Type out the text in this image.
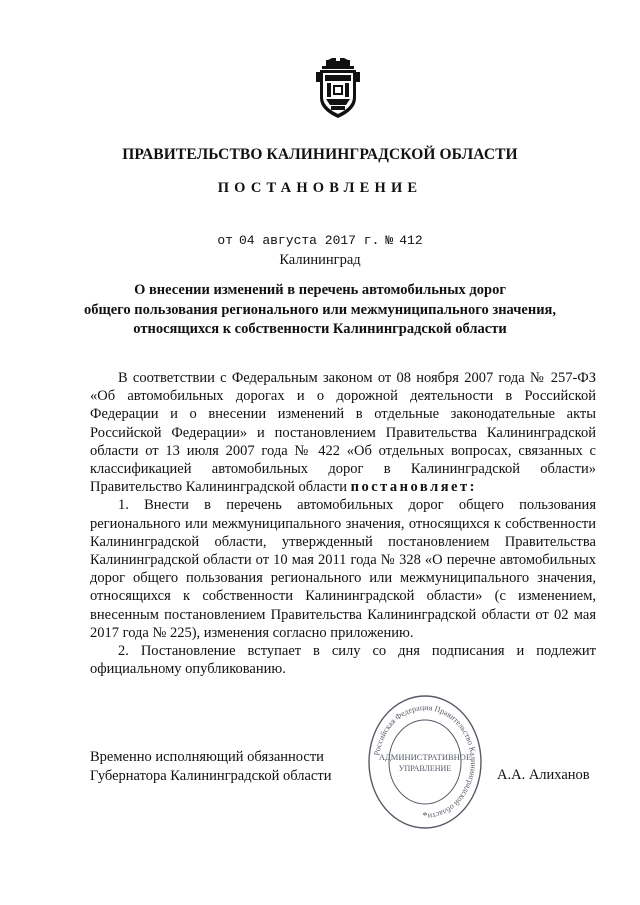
ПРАВИТЕЛЬСТВО КАЛИНИНГРАДСКОЙ ОБЛАСТИ
ПОСТАНОВЛЕНИЕ
от 04 августа 2017 г. № 412
Калининград
О внесении изменений в перечень автомобильных дорог
общего пользования регионального или межмуниципального значения,
относящихся к собственности Калининградской области

В соответствии с Федеральным законом от 08 ноября 2007 года № 257-ФЗ «Об автомобильных дорогах и о дорожной деятельности в Российской Федерации и о внесении изменений в отдельные законодательные акты Российской Федерации» и постановлением Правительства Калининградской области от 13 июля 2007 года № 422 «Об отдельных вопросах, связанных с классификацией автомобильных дорог в Калининградской области» Правительство Калининградской области постановляет:

1. Внести в перечень автомобильных дорог общего пользования регионального или межмуниципального значения, относящихся к собственности Калининградской области, утвержденный постановлением Правительства Калининградской области от 10 мая 2011 года № 328 «О перечне автомобильных дорог общего пользования регионального или межмуниципального значения, относящихся к собственности Калининградской области» (с изменением, внесенным постановлением Правительства Калининградской области от 02 мая 2017 года № 225), изменения согласно приложению.

2. Постановление вступает в силу со дня подписания и подлежит официальному опубликованию.

Временно исполняющий обязанности
Губернатора Калининградской области
Российская Федерация Правительство Калининградской области
АДМИНИСТРАТИВНОЕ
УПРАВЛЕНИЕ
*
А.А. Алиханов
